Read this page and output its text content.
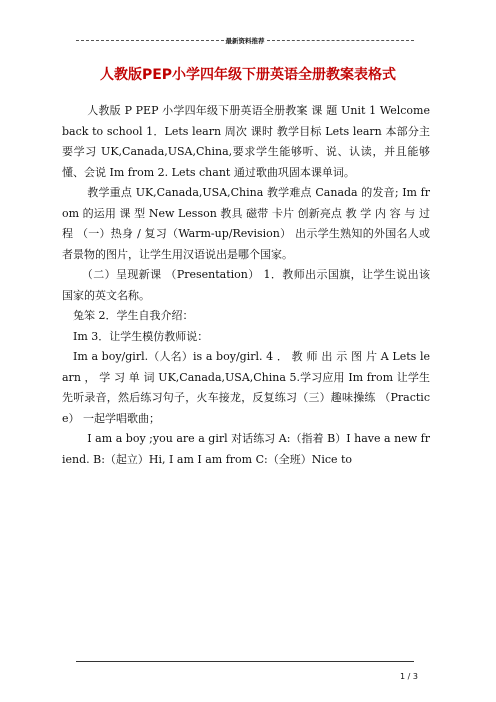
最新资料推荐
人教版PEP小学四年级下册英语全册教案表格式

人教版 P PEP 小学四年级下册英语全册教案 课 题 Unit 1 Welcome back to school 1．Lets learn 周次 课时 教学目标 Lets learn 本部分主要学习 UK,Canada,USA,China,要求学生能够听、说、认读，并且能够懂、会说 Im from 2. Lets chant 通过歌曲巩固本课单词。

教学重点 UK,Canada,USA,China 教学难点 Canada 的发音; Im from 的运用 课 型 New Lesson 教具 磁带 卡片 创新亮点 教 学 内 容 与 过 程 （一）热身 / 复习（Warm-up/Revision） 出示学生熟知的外国名人或者景物的图片，让学生用汉语说出是哪个国家。

（二）呈现新课 （Presentation） 1．教师出示国旗，让学生说出该国家的英文名称。

兔笨 2．学生自我介绍：

Im 3．让学生模仿教师说：

Im a boy/girl.（人名）is a boy/girl. 4 ． 教 师 出 示 图 片 A Lets learn ， 学 习 单 词 UK,Canada,USA,China 5.学习应用 Im from 让学生先听录音，然后练习句子，火车接龙，反复练习（三）趣味操练 （Practice） 一起学唱歌曲；

I am a boy ;you are a girl 对话练习 A:（指着 B）I have a new friend. B:（起立）Hi, I am I am from C:（全班）Nice to

1 / 3
